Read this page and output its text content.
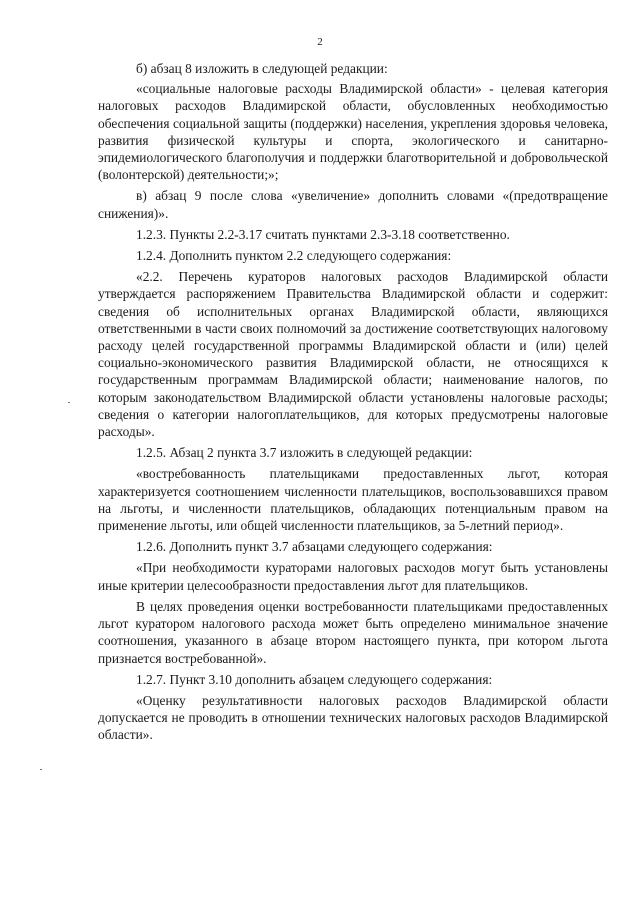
2

б) абзац 8 изложить в следующей редакции:

«социальные налоговые расходы Владимирской области» - целевая категория налоговых расходов Владимирской области, обусловленных необходимостью обеспечения социальной защиты (поддержки) населения, укрепления здоровья человека, развития физической культуры и спорта, экологического и санитарно-эпидемиологического благополучия и поддержки благотворительной и добровольческой (волонтерской) деятельности;»;

в) абзац 9 после слова «увеличение» дополнить словами «(предотвращение снижения)».

1.2.3. Пункты 2.2-3.17 считать пунктами 2.3-3.18 соответственно.

1.2.4. Дополнить пунктом 2.2 следующего содержания:

«2.2. Перечень кураторов налоговых расходов Владимирской области утверждается распоряжением Правительства Владимирской области и содержит: сведения об исполнительных органах Владимирской области, являющихся ответственными в части своих полномочий за достижение соответствующих налоговому расходу целей государственной программы Владимирской области и (или) целей социально-экономического развития Владимирской области, не относящихся к государственным программам Владимирской области; наименование налогов, по которым законодательством Владимирской области установлены налоговые расходы; сведения о категории налогоплательщиков, для которых предусмотрены налоговые расходы».

1.2.5. Абзац 2 пункта 3.7 изложить в следующей редакции:

«востребованность плательщиками предоставленных льгот, которая характеризуется соотношением численности плательщиков, воспользовавшихся правом на льготы, и численности плательщиков, обладающих потенциальным правом на применение льготы, или общей численности плательщиков, за 5-летний период».

1.2.6. Дополнить пункт 3.7 абзацами следующего содержания:

«При необходимости кураторами налоговых расходов могут быть установлены иные критерии целесообразности предоставления льгот для плательщиков.

В целях проведения оценки востребованности плательщиками предоставленных льгот куратором налогового расхода может быть определено минимальное значение соотношения, указанного в абзаце втором настоящего пункта, при котором льгота признается востребованной».

1.2.7. Пункт 3.10 дополнить абзацем следующего содержания:

«Оценку результативности налоговых расходов Владимирской области допускается не проводить в отношении технических налоговых расходов Владимирской области».
